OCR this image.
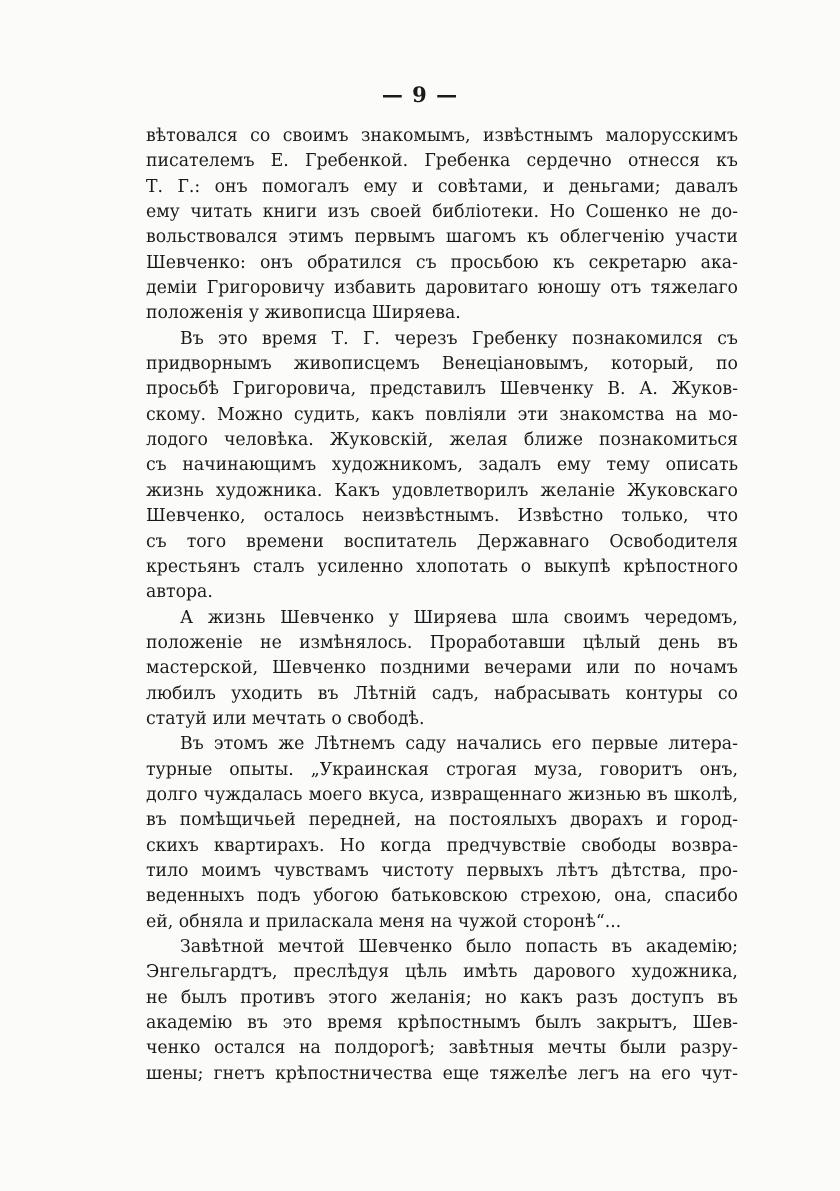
— 9 —
вѣтовался со своимъ знакомымъ, извѣстнымъ малорусскимъ
писателемъ Е. Гребенкой. Гребенка сердечно отнесся къ
Т. Г.: онъ помогалъ ему и совѣтами, и деньгами; давалъ
ему читать книги изъ своей библіотеки. Но Сошенко не до-
вольствовался этимъ первымъ шагомъ къ облегченію участи
Шевченко: онъ обратился съ просьбою къ секретарю ака-
деміи Григоровичу избавить даровитаго юношу отъ тяжелаго
положенія у живописца Ширяева.
Въ это время Т. Г. черезъ Гребенку познакомился съ
придворнымъ живописцемъ Венеціановымъ, который, по
просьбѣ Григоровича, представилъ Шевченку В. А. Жуков-
скому. Можно судить, какъ повліяли эти знакомства на мо-
лодого человѣка. Жуковскій, желая ближе познакомиться
съ начинающимъ художникомъ, задалъ ему тему описать
жизнь художника. Какъ удовлетворилъ желаніе Жуковскаго
Шевченко, осталось неизвѣстнымъ. Извѣстно только, что
съ того времени воспитатель Державнаго Освободителя
крестьянъ сталъ усиленно хлопотать о выкупѣ крѣпостного
автора.
А жизнь Шевченко у Ширяева шла своимъ чередомъ,
положеніе не измѣнялось. Проработавши цѣлый день въ
мастерской, Шевченко поздними вечерами или по ночамъ
любилъ уходить въ Лѣтній садъ, набрасывать контуры со
статуй или мечтать о свободѣ.
Въ этомъ же Лѣтнемъ саду начались его первые литера-
турные опыты. „Украинская строгая муза, говоритъ онъ,
долго чуждалась моего вкуса, извращеннаго жизнью въ школѣ,
въ помѣщичьей передней, на постоялыхъ дворахъ и город-
скихъ квартирахъ. Но когда предчувствіе свободы возвра-
тило моимъ чувствамъ чистоту первыхъ лѣтъ дѣтства, про-
веденныхъ подъ убогою батьковскою стрехою, она, спасибо
ей, обняла и приласкала меня на чужой сторонѣ“...
Завѣтной мечтой Шевченко было попасть въ академію;
Энгельгардтъ, преслѣдуя цѣль имѣть дарового художника,
не былъ противъ этого желанія; но какъ разъ доступъ въ
академію въ это время крѣпостнымъ былъ закрытъ, Шев-
ченко остался на полдорогѣ; завѣтныя мечты были разру-
шены; гнетъ крѣпостничества еще тяжелѣе легъ на его чут-
